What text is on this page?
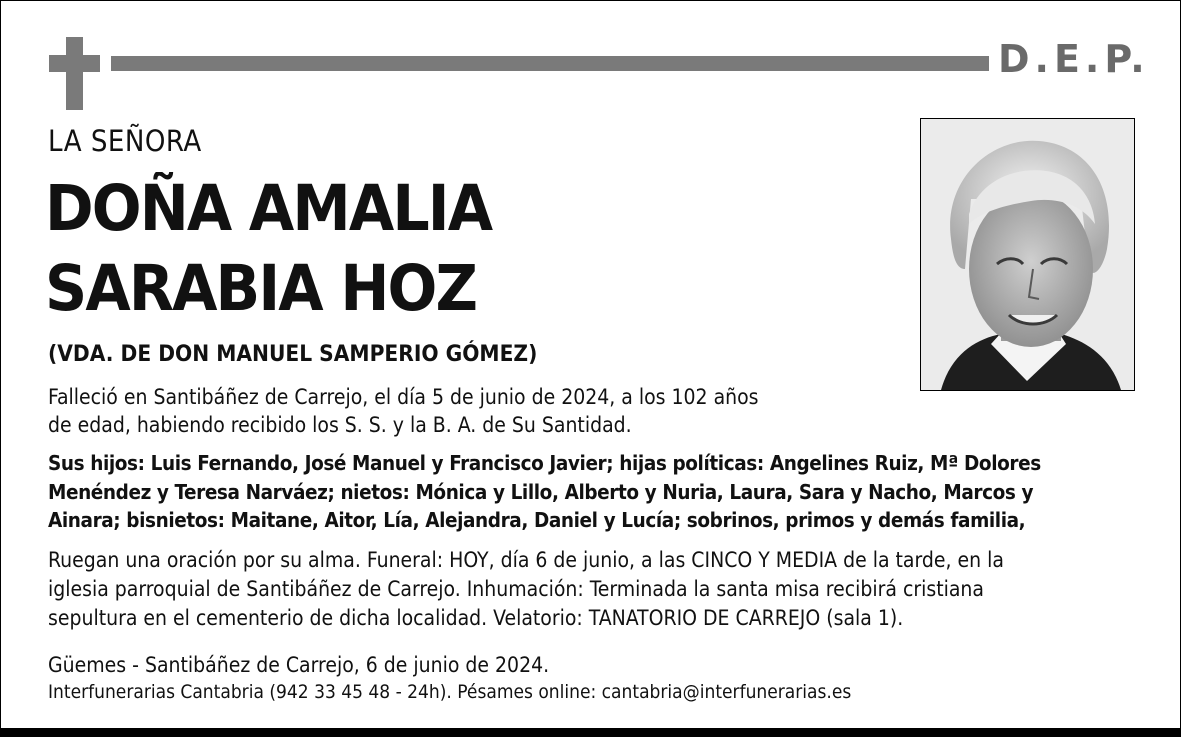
D.E.P.
LA SEÑORA
DOÑA AMALIA
SARABIA HOZ
(VDA. DE DON MANUEL SAMPERIO GÓMEZ)
Falleció en Santibáñez de Carrejo, el día 5 de junio de 2024, a los 102 años
de edad, habiendo recibido los S. S. y la B. A. de Su Santidad.
Sus hijos: Luis Fernando, José Manuel y Francisco Javier; hijas políticas: Angelines Ruiz, Mª Dolores
Menéndez y Teresa Narváez; nietos: Mónica y Lillo, Alberto y Nuria, Laura, Sara y Nacho, Marcos y
Ainara; bisnietos: Maitane, Aitor, Lía, Alejandra, Daniel y Lucía; sobrinos, primos y demás familia,
Ruegan una oración por su alma. Funeral: HOY, día 6 de junio, a las CINCO Y MEDIA de la tarde, en la
iglesia parroquial de Santibáñez de Carrejo. Inhumación: Terminada la santa misa recibirá cristiana
sepultura en el cementerio de dicha localidad. Velatorio: TANATORIO DE CARREJO (sala 1).
Güemes - Santibáñez de Carrejo, 6 de junio de 2024.
Interfunerarias Cantabria (942 33 45 48 - 24h). Pésames online: cantabria@interfunerarias.es
